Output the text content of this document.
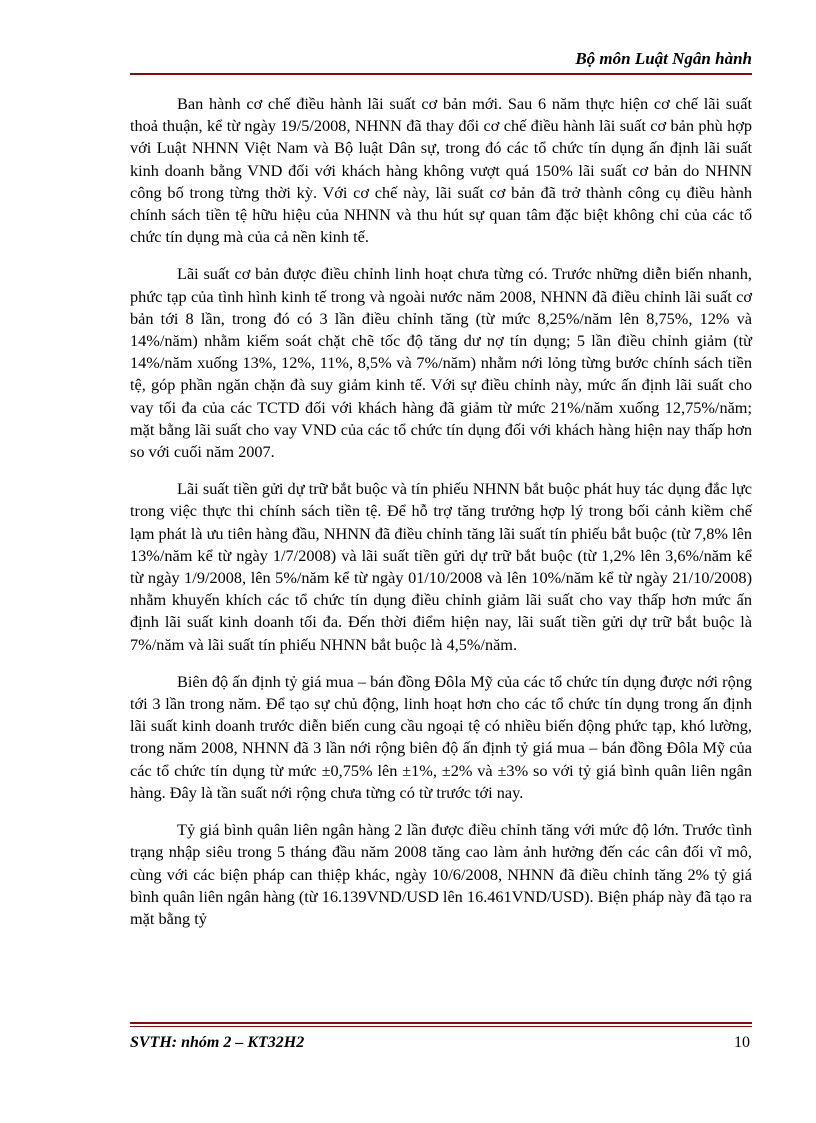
Bộ môn Luật Ngân hành

Ban hành cơ chế điều hành lãi suất cơ bản mới. Sau 6 năm thực hiện cơ chế lãi suất thoả thuận, kể từ ngày 19/5/2008, NHNN đã thay đổi cơ chế điều hành lãi suất cơ bản phù hợp với Luật NHNN Việt Nam và Bộ luật Dân sự, trong đó các tổ chức tín dụng ấn định lãi suất kinh doanh bằng VND đối với khách hàng không vượt quá 150% lãi suất cơ bản do NHNN công bố trong từng thời kỳ. Với cơ chế này, lãi suất cơ bản đã trở thành công cụ điều hành chính sách tiền tệ hữu hiệu của NHNN và thu hút sự quan tâm đặc biệt không chỉ của các tổ chức tín dụng mà của cả nền kinh tế.

Lãi suất cơ bản được điều chỉnh linh hoạt chưa từng có. Trước những diễn biến nhanh, phức tạp của tình hình kinh tế trong và ngoài nước năm 2008, NHNN đã điều chỉnh lãi suất cơ bản tới 8 lần, trong đó có 3 lần điều chỉnh tăng (từ mức 8,25%/năm lên 8,75%, 12% và 14%/năm) nhằm kiểm soát chặt chẽ tốc độ tăng dư nợ tín dụng; 5 lần điều chỉnh giảm (từ 14%/năm xuống 13%, 12%, 11%, 8,5% và 7%/năm) nhằm nới lỏng từng bước chính sách tiền tệ, góp phần ngăn chặn đà suy giảm kinh tế. Với sự điều chỉnh này, mức ấn định lãi suất cho vay tối đa của các TCTD đối với khách hàng đã giảm từ mức 21%/năm xuống 12,75%/năm; mặt bằng lãi suất cho vay VND của các tổ chức tín dụng đối với khách hàng hiện nay thấp hơn so với cuối năm 2007.

Lãi suất tiền gửi dự trữ bắt buộc và tín phiếu NHNN bắt buộc phát huy tác dụng đắc lực trong việc thực thi chính sách tiền tệ. Để hỗ trợ tăng trưởng hợp lý trong bối cảnh kiềm chế lạm phát là ưu tiên hàng đầu, NHNN đã điều chỉnh tăng lãi suất tín phiếu bắt buộc (từ 7,8% lên 13%/năm kể từ ngày 1/7/2008) và lãi suất tiền gửi dự trữ bắt buộc (từ 1,2% lên 3,6%/năm kể từ ngày 1/9/2008, lên 5%/năm kể từ ngày 01/10/2008 và lên 10%/năm kể từ ngày 21/10/2008) nhằm khuyến khích các tổ chức tín dụng điều chỉnh giảm lãi suất cho vay thấp hơn mức ấn định lãi suất kinh doanh tối đa. Đến thời điểm hiện nay, lãi suất tiền gửi dự trữ bắt buộc là 7%/năm và lãi suất tín phiếu NHNN bắt buộc là 4,5%/năm.

Biên độ ấn định tỷ giá mua – bán đồng Đôla Mỹ của các tổ chức tín dụng được nới rộng tới 3 lần trong năm. Để tạo sự chủ động, linh hoạt hơn cho các tổ chức tín dụng trong ấn định lãi suất kinh doanh trước diễn biến cung cầu ngoại tệ có nhiều biến động phức tạp, khó lường, trong năm 2008, NHNN đã 3 lần nới rộng biên độ ấn định tỷ giá mua – bán đồng Đôla Mỹ của các tổ chức tín dụng từ mức ±0,75% lên ±1%, ±2% và ±3% so với tỷ giá bình quân liên ngân hàng. Đây là tần suất nới rộng chưa từng có từ trước tới nay.

Tỷ giá bình quân liên ngân hàng 2 lần được điều chỉnh tăng với mức độ lớn. Trước tình trạng nhập siêu trong 5 tháng đầu năm 2008 tăng cao làm ảnh hưởng đến các cân đối vĩ mô, cùng với các biện pháp can thiệp khác, ngày 10/6/2008, NHNN đã điều chỉnh tăng 2% tỷ giá bình quân liên ngân hàng (từ 16.139VND/USD lên 16.461VND/USD). Biện pháp này đã tạo ra mặt bằng tỷ

SVTH: nhóm 2 – KT32H2	10
